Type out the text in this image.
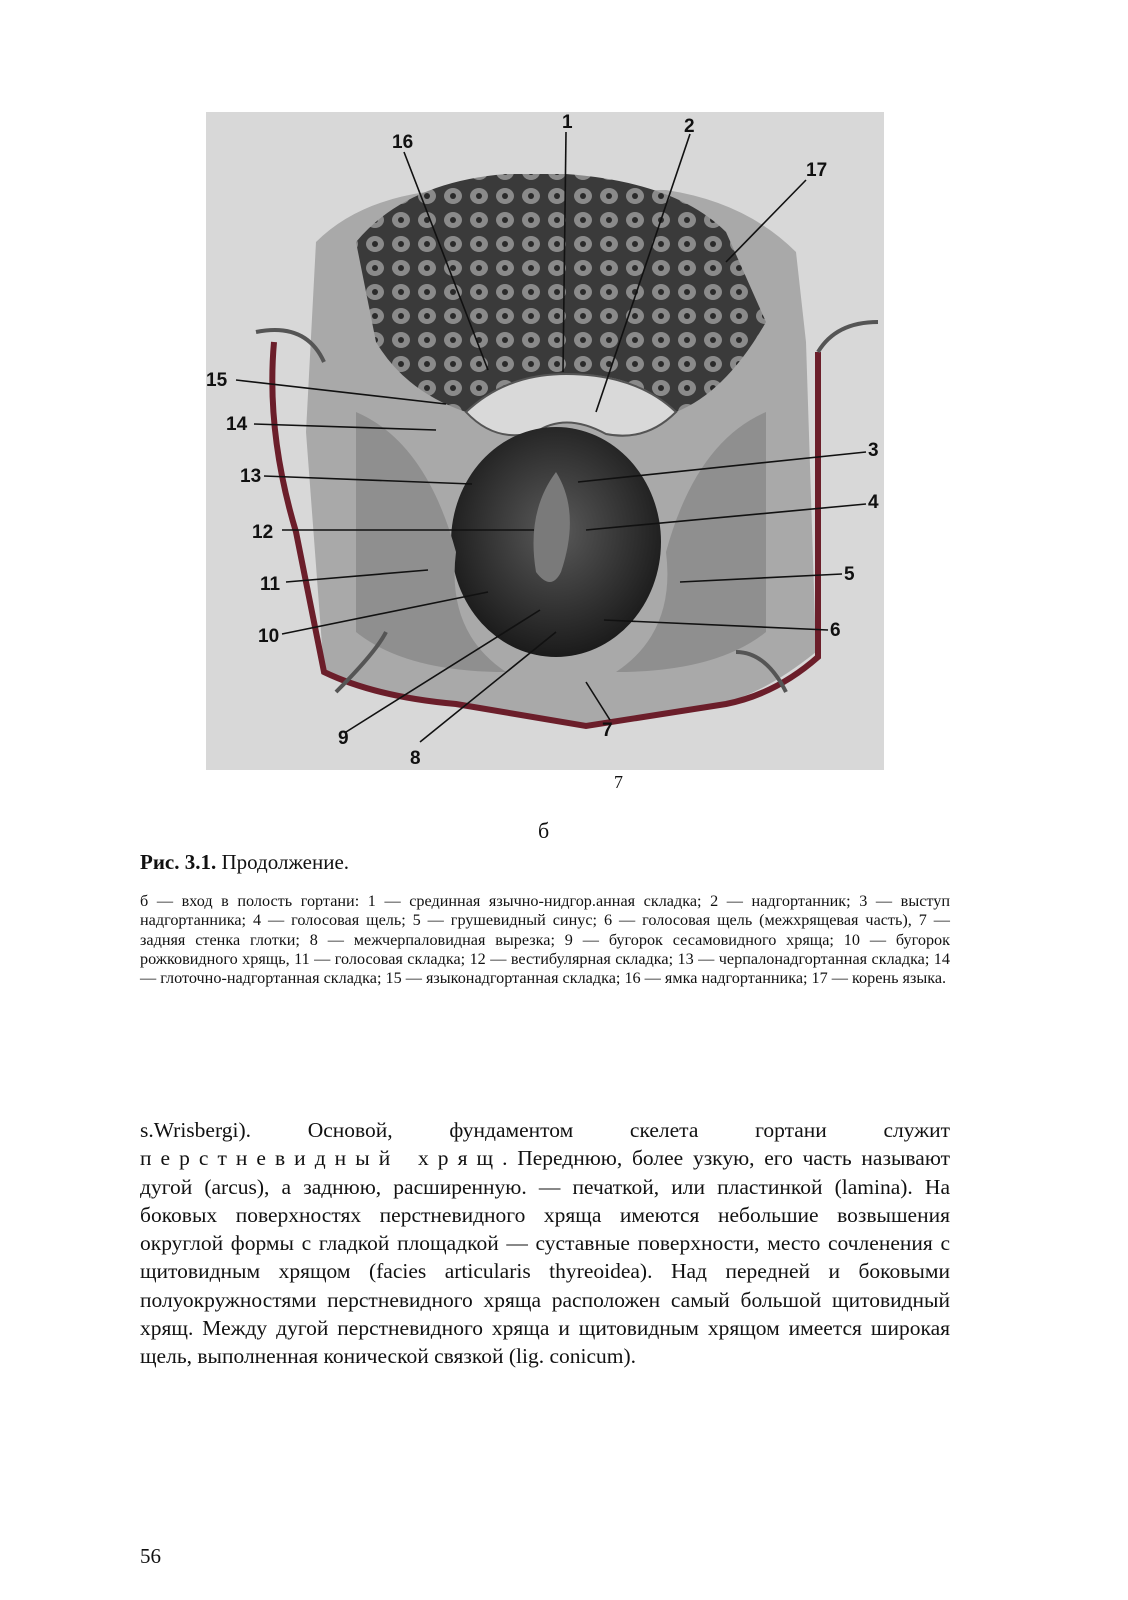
1	2
3
4
5
6
7
8
9
10
11
12
13
14
15
16
17
7
б
Рис. 3.1. Продолжение.
б — вход в полость гортани: 1 — срединная язычно-нидгор.анная складка; 2 — надгортанник; 3 — выступ надгортанника; 4 — голосовая щель; 5 — грушевидный синус; 6 — голосовая щель (межхрящевая часть), 7 — задняя стенка глотки; 8 — межчерпаловидная вырезка; 9 — бугорок сесамовидного хряща; 10 — бугорок рожковидного хрящь, 11 — голосовая складка; 12 — вестибулярная складка; 13 — черпалонадгортанная складка; 14 — глоточно-надгортанная складка; 15 — языконадгортанная складка; 16 — ямка надгортанника; 17 — корень языка.
s.Wrisbergi). Основой, фундаментом скелета гортани служит перстневидный хрящ. Переднюю, более узкую, его часть называют дугой (arcus), а заднюю, расширенную. — печаткой, или пластинкой (lamina). На боковых поверхностях перстневидного хряща имеются небольшие возвышения округлой формы с гладкой площадкой — суставные поверхности, место сочленения с щитовидным хрящом (facies articularis thyreoidea). Над передней и боковыми полуокружностями перстневидного хряща расположен самый большой щитовидный хрящ. Между дугой перстневидного хряща и щитовидным хрящом имеется широкая щель, выполненная конической связкой (lig. conicum).
56
